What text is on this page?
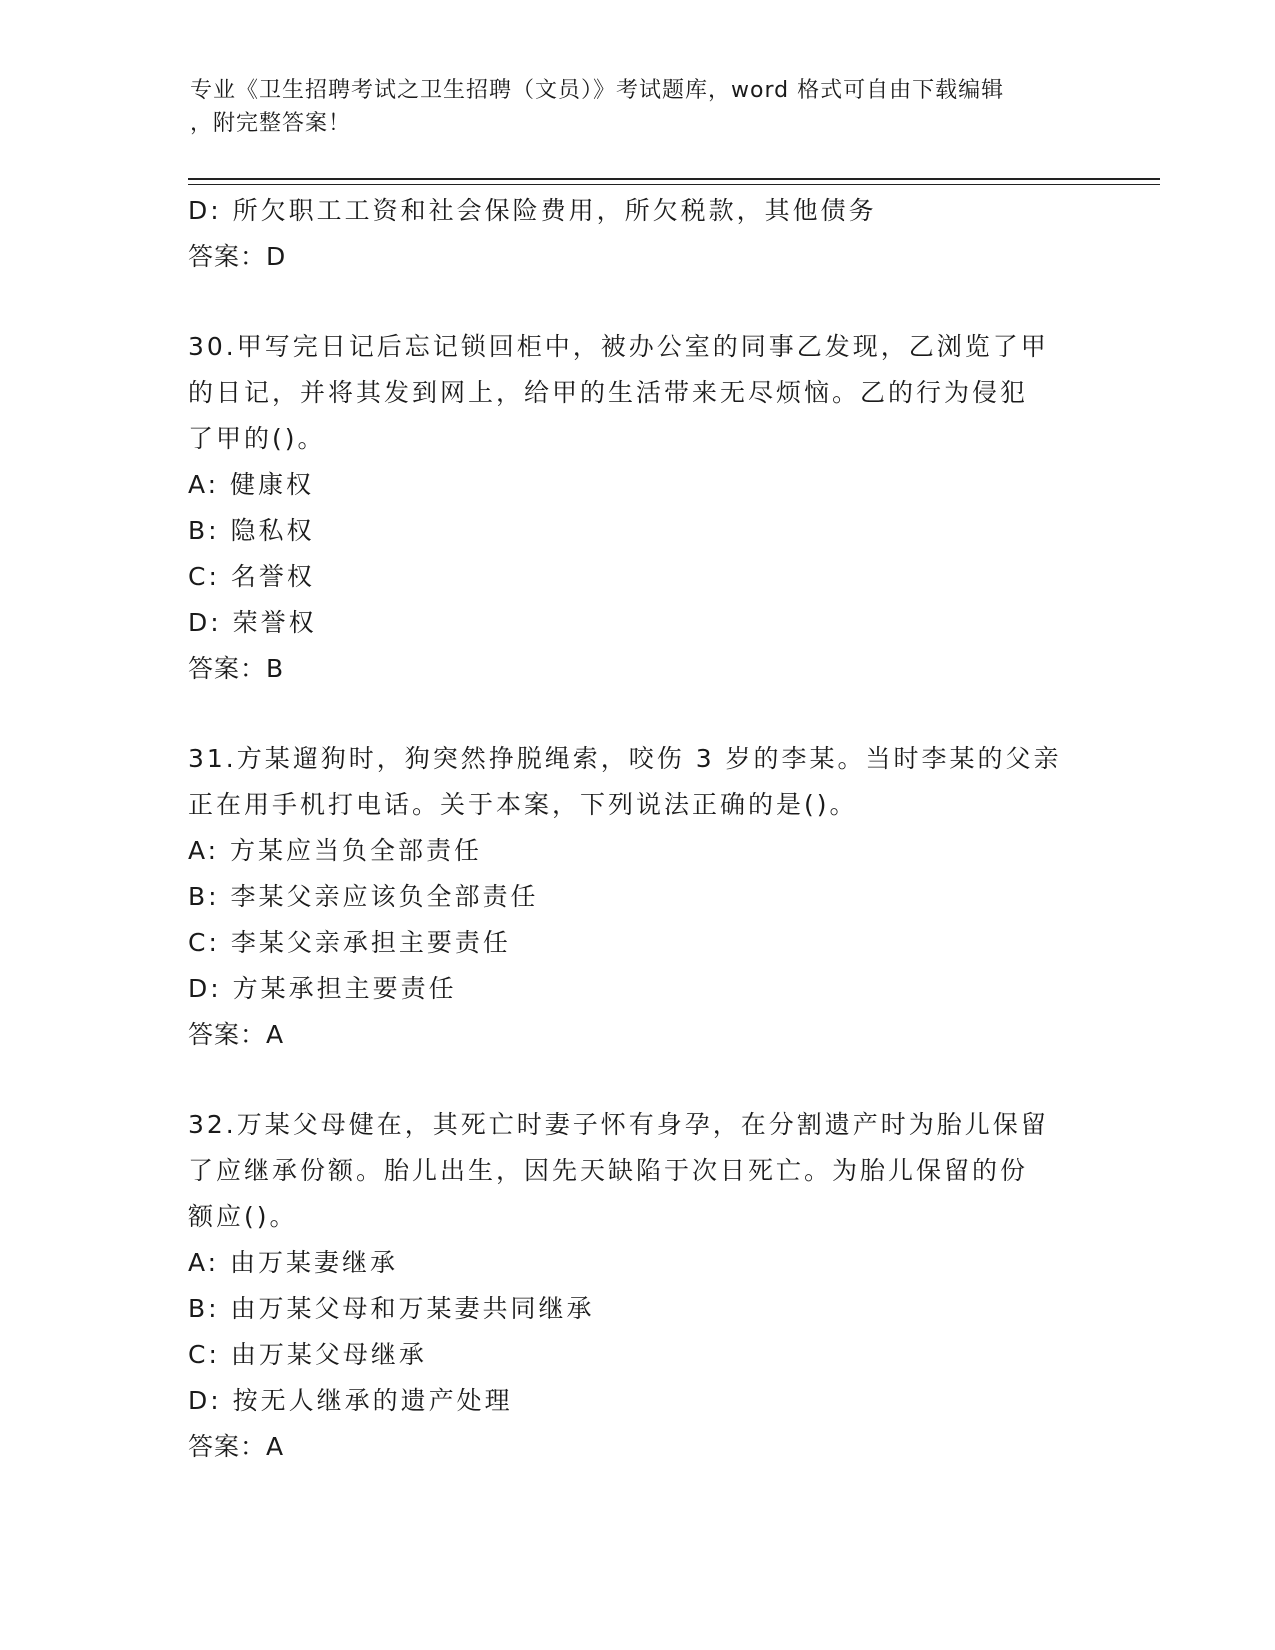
专业《卫生招聘考试之卫生招聘（文员）》考试题库，word 格式可自由下载编辑
，附完整答案！
D: 所欠职工工资和社会保险费用，所欠税款，其他债务
答案：D
30.甲写完日记后忘记锁回柜中，被办公室的同事乙发现，乙浏览了甲
的日记，并将其发到网上，给甲的生活带来无尽烦恼。乙的行为侵犯
了甲的()。
A: 健康权
B: 隐私权
C: 名誉权
D: 荣誉权
答案：B
31.方某遛狗时，狗突然挣脱绳索，咬伤 3 岁的李某。当时李某的父亲
正在用手机打电话。关于本案，下列说法正确的是()。
A: 方某应当负全部责任
B: 李某父亲应该负全部责任
C: 李某父亲承担主要责任
D: 方某承担主要责任
答案：A
32.万某父母健在，其死亡时妻子怀有身孕，在分割遗产时为胎儿保留
了应继承份额。胎儿出生，因先天缺陷于次日死亡。为胎儿保留的份
额应()。
A: 由万某妻继承
B: 由万某父母和万某妻共同继承
C: 由万某父母继承
D: 按无人继承的遗产处理
答案：A
